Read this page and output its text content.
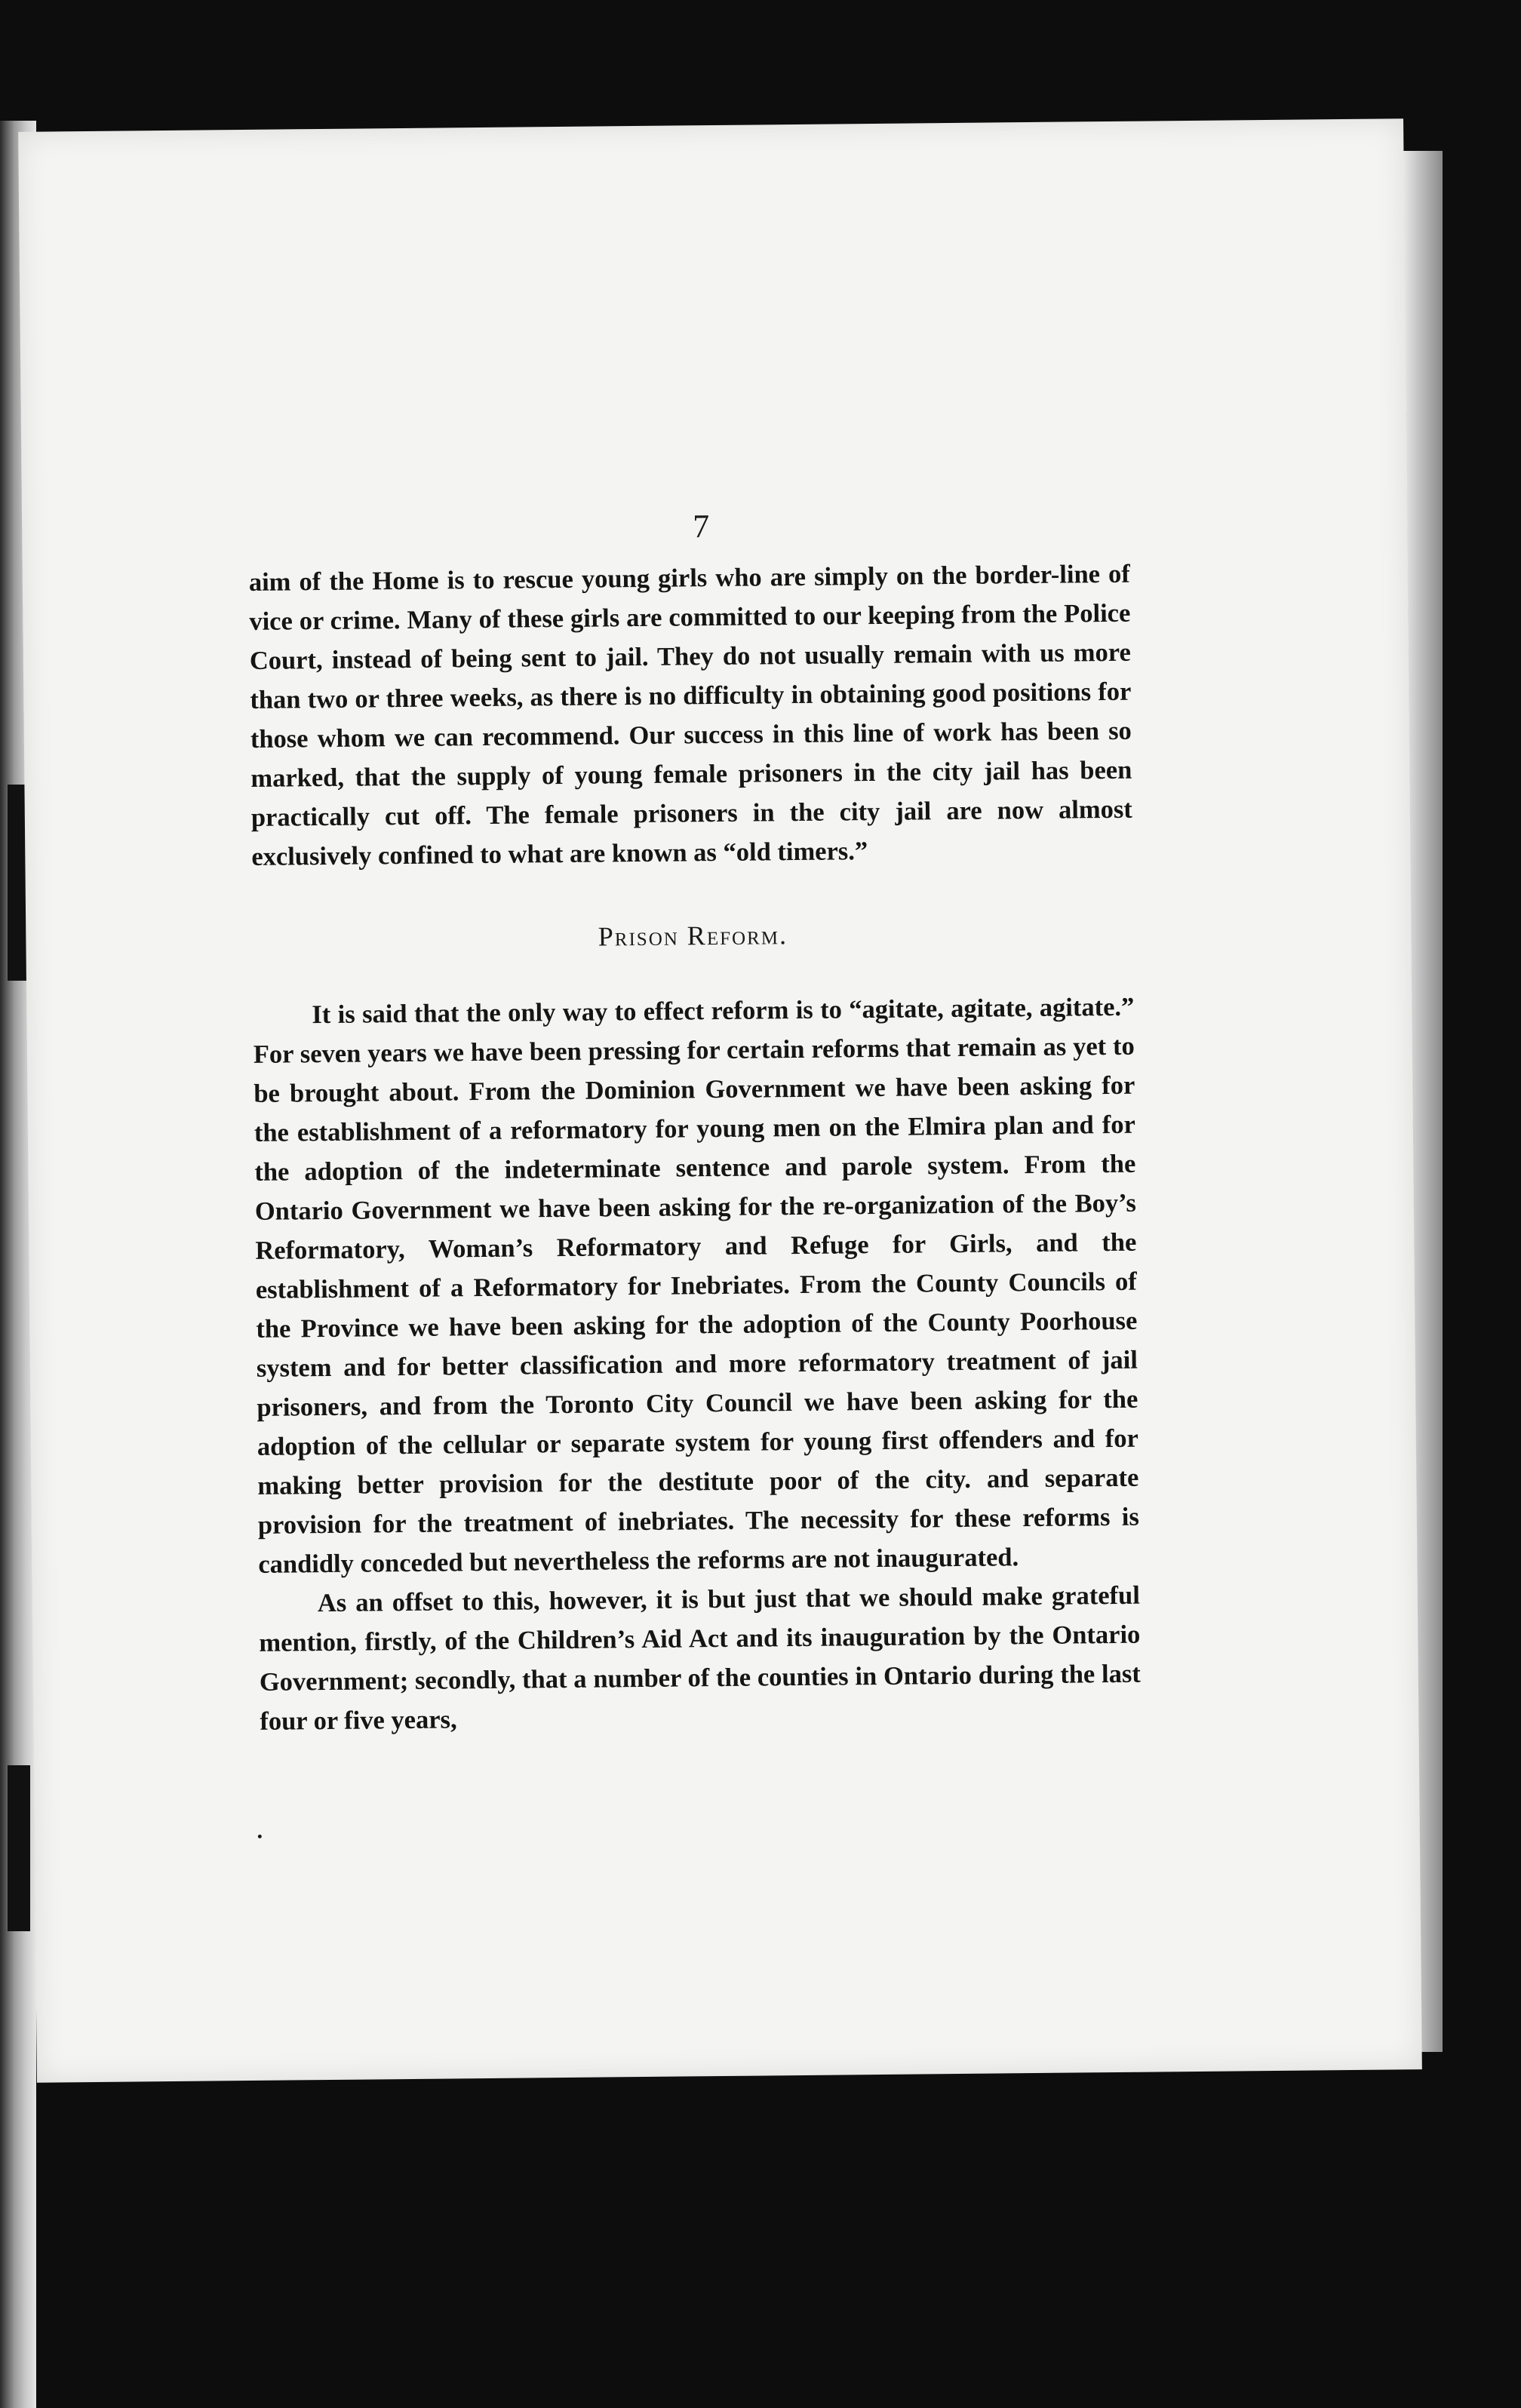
7

aim of the Home is to rescue young girls who are simply on the border-line of vice or crime. Many of these girls are committed to our keeping from the Police Court, instead of being sent to jail. They do not usually remain with us more than two or three weeks, as there is no difficulty in obtaining good positions for those whom we can recommend. Our success in this line of work has been so marked, that the supply of young female prisoners in the city jail has been practically cut off. The female prisoners in the city jail are now almost exclusively confined to what are known as “old timers.”

Prison Reform.

It is said that the only way to effect reform is to “agitate, agitate, agitate.” For seven years we have been pressing for certain reforms that remain as yet to be brought about. From the Dominion Government we have been asking for the establishment of a reformatory for young men on the Elmira plan and for the adoption of the indeterminate sentence and parole system. From the Ontario Government we have been asking for the re-organization of the Boy’s Reformatory, Woman’s Reformatory and Refuge for Girls, and the establishment of a Reformatory for Inebriates. From the County Councils of the Province we have been asking for the adoption of the County Poorhouse system and for better classification and more reformatory treatment of jail prisoners, and from the Toronto City Council we have been asking for the adoption of the cellular or separate system for young first offenders and for making better provision for the destitute poor of the city. and separate provision for the treatment of inebriates. The necessity for these reforms is candidly conceded but nevertheless the reforms are not inaugurated.

As an offset to this, however, it is but just that we should make grateful mention, firstly, of the Children’s Aid Act and its inauguration by the Ontario Government; secondly, that a number of the counties in Ontario during the last four or five years,
